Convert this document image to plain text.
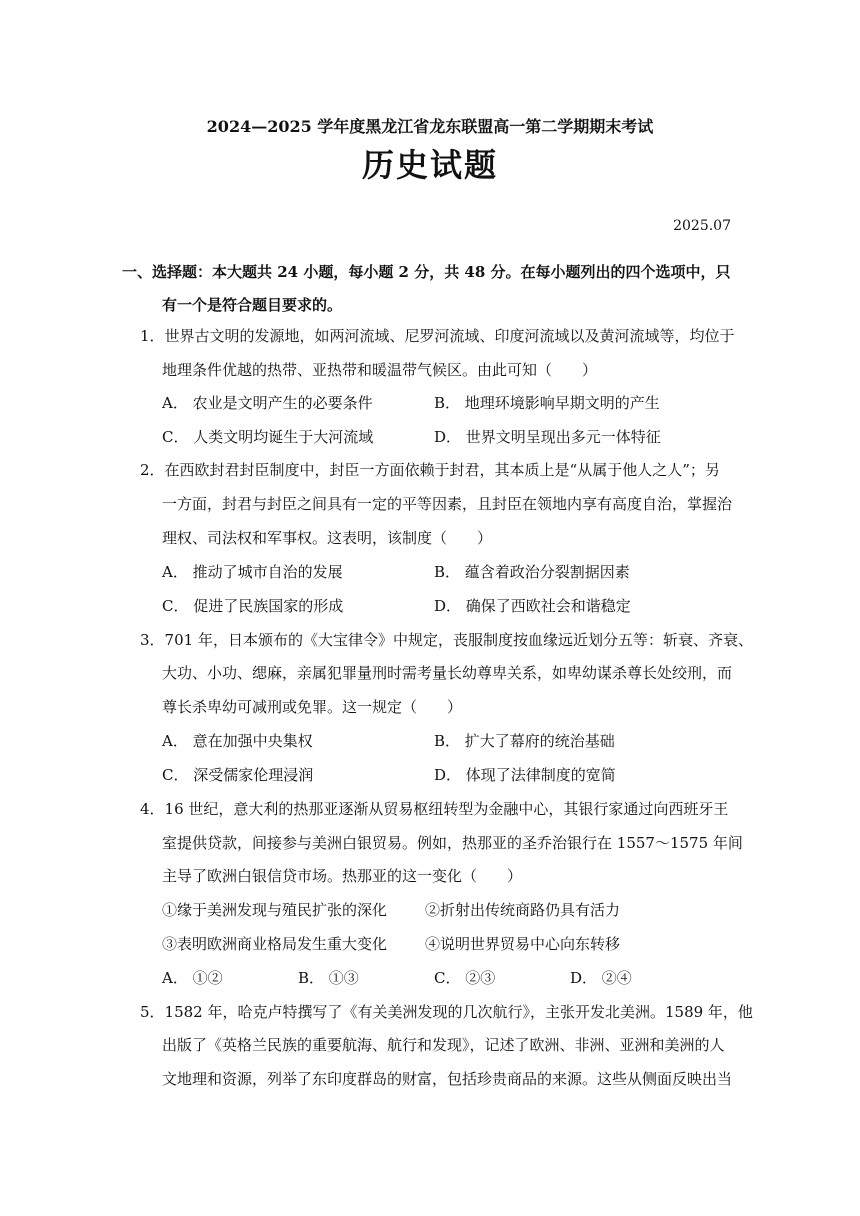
2024—2025 学年度黑龙江省龙东联盟高一第二学期期末考试
历史试题
2025.07
一、选择题：本大题共 24 小题，每小题 2 分，共 48 分。在每小题列出的四个选项中，只
有一个是符合题目要求的。
1．世界古文明的发源地，如两河流域、尼罗河流域、印度河流域以及黄河流域等，均位于
地理条件优越的热带、亚热带和暖温带气候区。由此可知（　　）
A． 农业是文明产生的必要条件	B． 地理环境影响早期文明的产生
C． 人类文明均诞生于大河流域	D． 世界文明呈现出多元一体特征
2．在西欧封君封臣制度中，封臣一方面依赖于封君，其本质上是“从属于他人之人”；另
一方面，封君与封臣之间具有一定的平等因素，且封臣在领地内享有高度自治，掌握治
理权、司法权和军事权。这表明，该制度（　　）
A． 推动了城市自治的发展	B． 蕴含着政治分裂割据因素
C． 促进了民族国家的形成	D． 确保了西欧社会和谐稳定
3．701 年，日本颁布的《大宝律令》中规定，丧服制度按血缘远近划分五等：斩衰、齐衰、
大功、小功、缌麻，亲属犯罪量刑时需考量长幼尊卑关系，如卑幼谋杀尊长处绞刑，而
尊长杀卑幼可减刑或免罪。这一规定（　　）
A． 意在加强中央集权	B． 扩大了幕府的统治基础
C． 深受儒家伦理浸润	D． 体现了法律制度的宽简
4．16 世纪，意大利的热那亚逐渐从贸易枢纽转型为金融中心，其银行家通过向西班牙王
室提供贷款，间接参与美洲白银贸易。例如，热那亚的圣乔治银行在 1557～1575 年间
主导了欧洲白银信贷市场。热那亚的这一变化（　　）
①缘于美洲发现与殖民扩张的深化	②折射出传统商路仍具有活力
③表明欧洲商业格局发生重大变化	④说明世界贸易中心向东转移
A． ①②	B． ①③	C． ②③	D． ②④
5．1582 年，哈克卢特撰写了《有关美洲发现的几次航行》，主张开发北美洲。1589 年，他
出版了《英格兰民族的重要航海、航行和发现》，记述了欧洲、非洲、亚洲和美洲的人
文地理和资源，列举了东印度群岛的财富，包括珍贵商品的来源。这些从侧面反映出当
